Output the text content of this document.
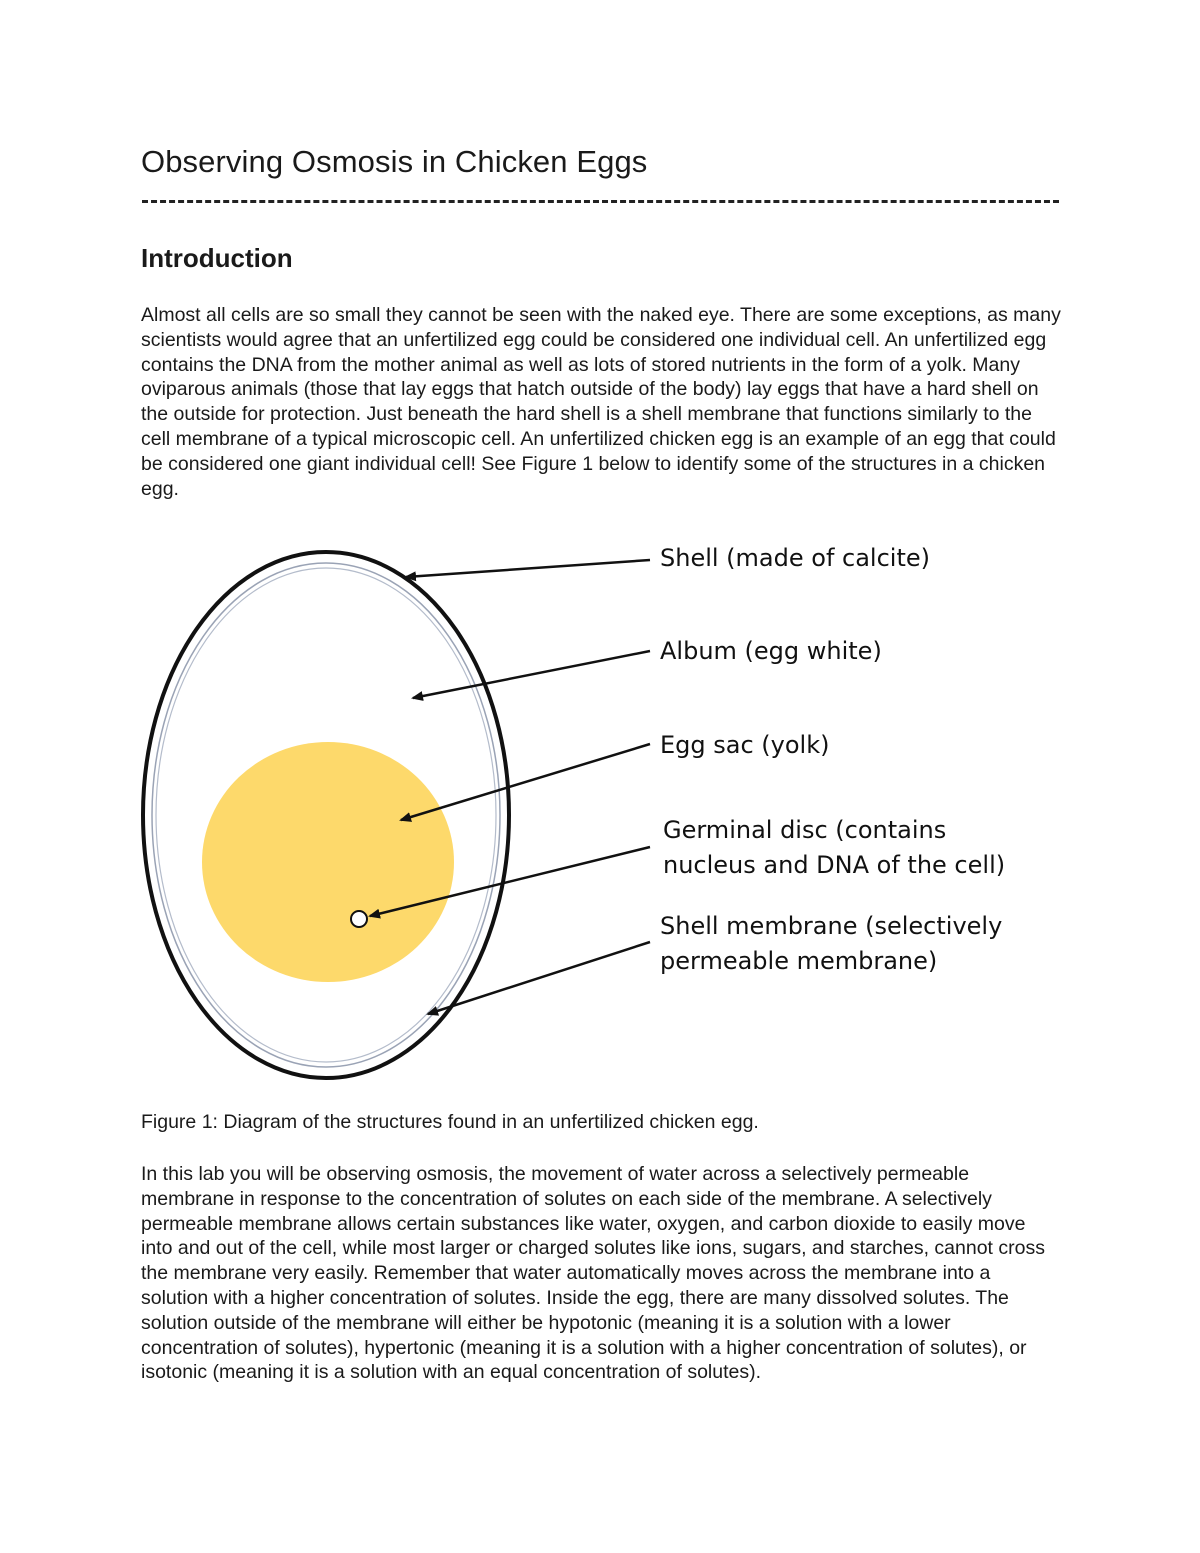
Observing Osmosis in Chicken Eggs
Introduction

Almost all cells are so small they cannot be seen with the naked eye. There are some exceptions, as many scientists would agree that an unfertilized egg could be considered one individual cell. An unfertilized egg contains the DNA from the mother animal as well as lots of stored nutrients in the form of a yolk. Many oviparous animals (those that lay eggs that hatch outside of the body) lay eggs that have a hard shell on the outside for protection. Just beneath the hard shell is a shell membrane that functions similarly to the cell membrane of a typical microscopic cell. An unfertilized chicken egg is an example of an egg that could be considered one giant individual cell! See Figure 1 below to identify some of the structures in a chicken egg.

Figure 1: Diagram of the structures found in an unfertilized chicken egg.

In this lab you will be observing osmosis, the movement of water across a selectively permeable membrane in response to the concentration of solutes on each side of the membrane. A selectively permeable membrane allows certain substances like water, oxygen, and carbon dioxide to easily move into and out of the cell, while most larger or charged solutes like ions, sugars, and starches, cannot cross the membrane very easily. Remember that water automatically moves across the membrane into a solution with a higher concentration of solutes. Inside the egg, there are many dissolved solutes. The solution outside of the membrane will either be hypotonic (meaning it is a solution with a lower concentration of solutes), hypertonic (meaning it is a solution with a higher concentration of solutes), or isotonic (meaning it is a solution with an equal concentration of solutes).

Shell (made of calcite)
Album (egg white)
Egg sac (yolk)
Germinal disc (contains
nucleus and DNA of the cell)
Shell membrane (selectively
permeable membrane)
